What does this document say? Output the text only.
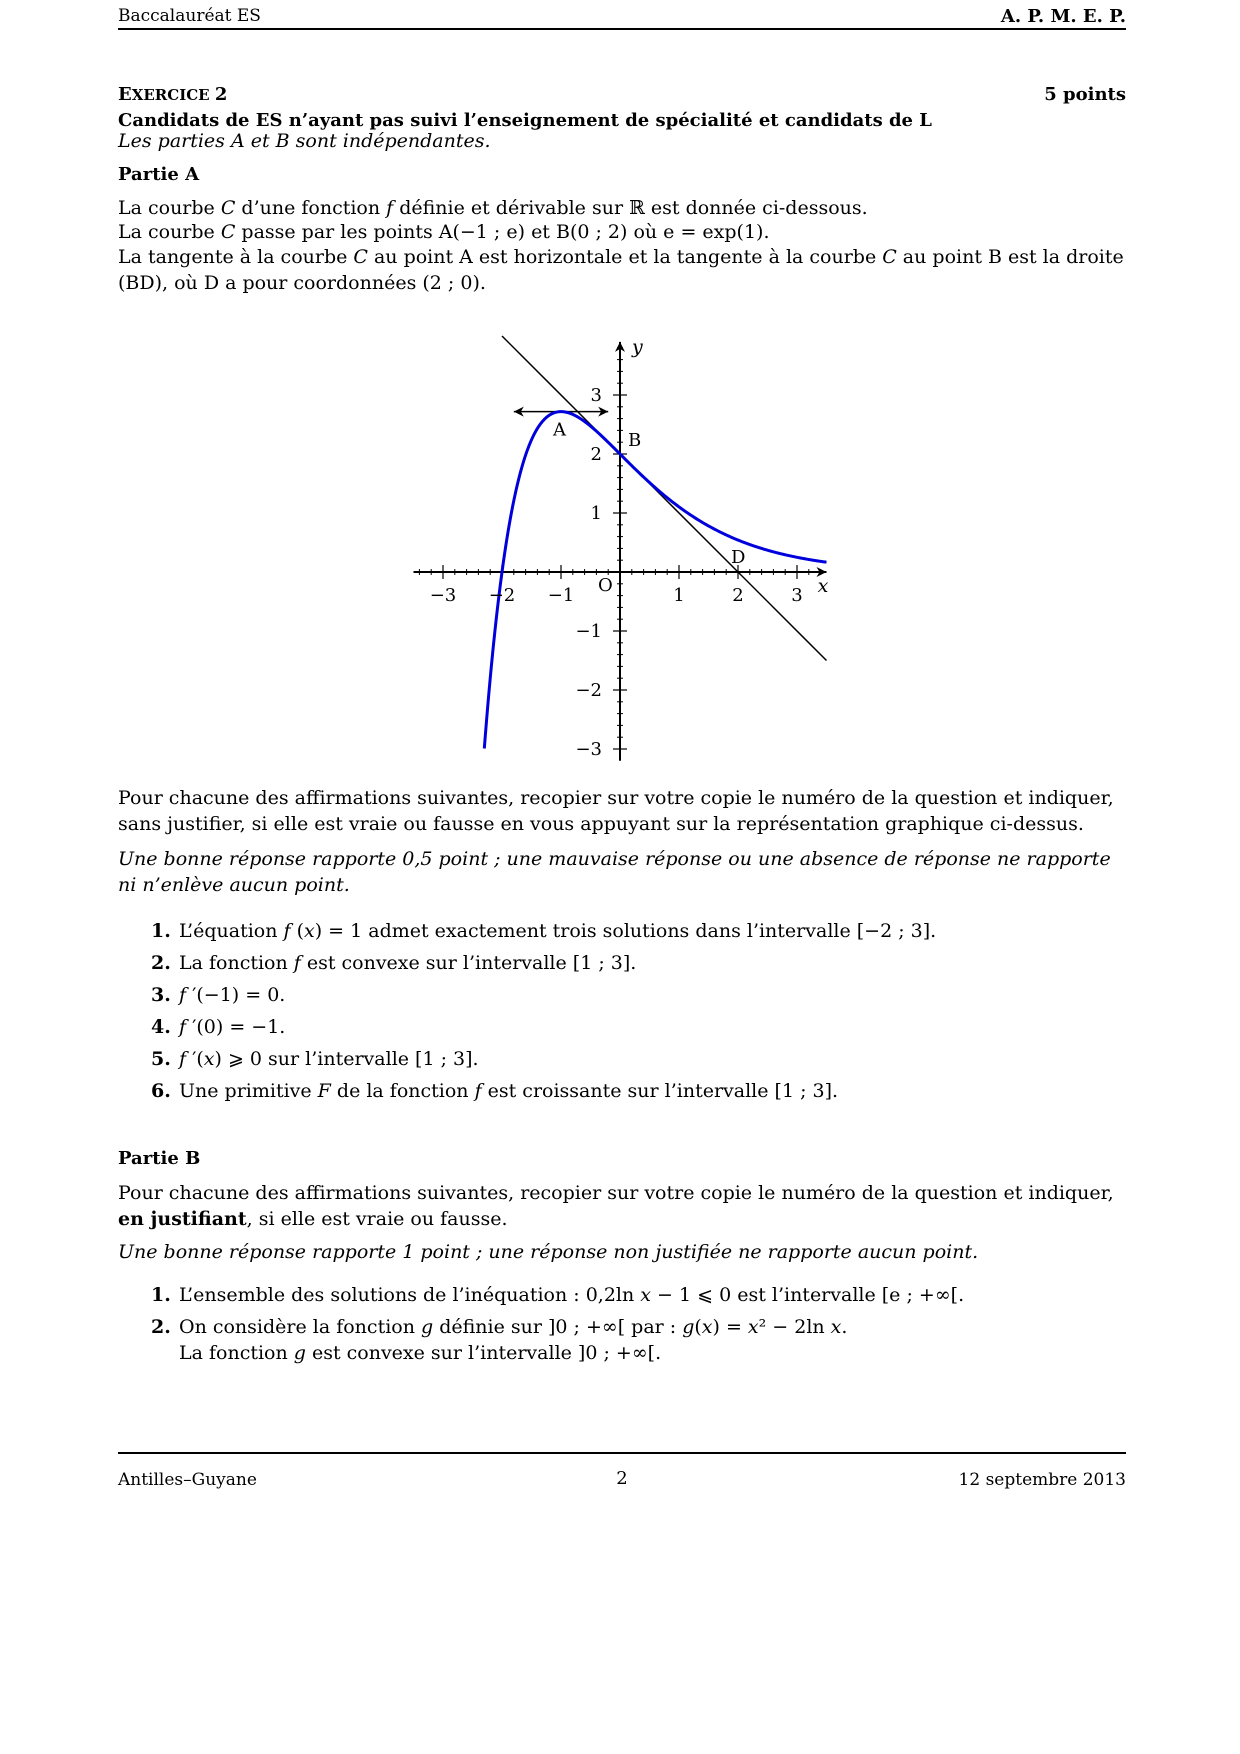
Baccalauréat ES	A. P. M. E. P.
EXERCICE 2	5 points
Candidats de ES n’ayant pas suivi l’enseignement de spécialité et candidats de L
Les parties A et B sont indépendantes.
Partie A
La courbe 𝐶 d’une fonction 𝑓 définie et dérivable sur ℝ est donnée ci-dessous.
La courbe 𝐶 passe par les points A(−1 ; e) et B(0 ; 2) où e = exp(1).
La tangente à la courbe 𝐶 au point A est horizontale et la tangente à la courbe 𝐶 au point B est la droite (BD), où D a pour coordonnées (2 ; 0).
−3 −2 −1	1	2	3
−3
−2
−1
1
2
3
O	x
y
A	B
D
Pour chacune des affirmations suivantes, recopier sur votre copie le numéro de la question et indiquer, sans justifier, si elle est vraie ou fausse en vous appuyant sur la représentation graphique ci-dessus.
Une bonne réponse rapporte 0,5 point ; une mauvaise réponse ou une absence de réponse ne rapporte ni n’enlève aucun point.
1. L’équation 𝑓 (𝑥) = 1 admet exactement trois solutions dans l’intervalle [−2 ; 3].
2. La fonction 𝑓 est convexe sur l’intervalle [1 ; 3].
3. 𝑓 ′(−1) = 0.
4. 𝑓 ′(0) = −1.
5. 𝑓 ′(𝑥) ⩾ 0 sur l’intervalle [1 ; 3].
6. Une primitive 𝐹 de la fonction 𝑓 est croissante sur l’intervalle [1 ; 3].
Partie B
Pour chacune des affirmations suivantes, recopier sur votre copie le numéro de la question et indiquer, en justifiant, si elle est vraie ou fausse.
Une bonne réponse rapporte 1 point ; une réponse non justifiée ne rapporte aucun point.
1. L’ensemble des solutions de l’inéquation : 0,2ln 𝑥 − 1 ⩽ 0 est l’intervalle [e ; +∞[.
2. On considère la fonction 𝑔 définie sur ]0 ; +∞[ par : 𝑔(𝑥) = 𝑥² − 2ln 𝑥.
La fonction 𝑔 est convexe sur l’intervalle ]0 ; +∞[.
Antilles–Guyane	2	12 septembre 2013
